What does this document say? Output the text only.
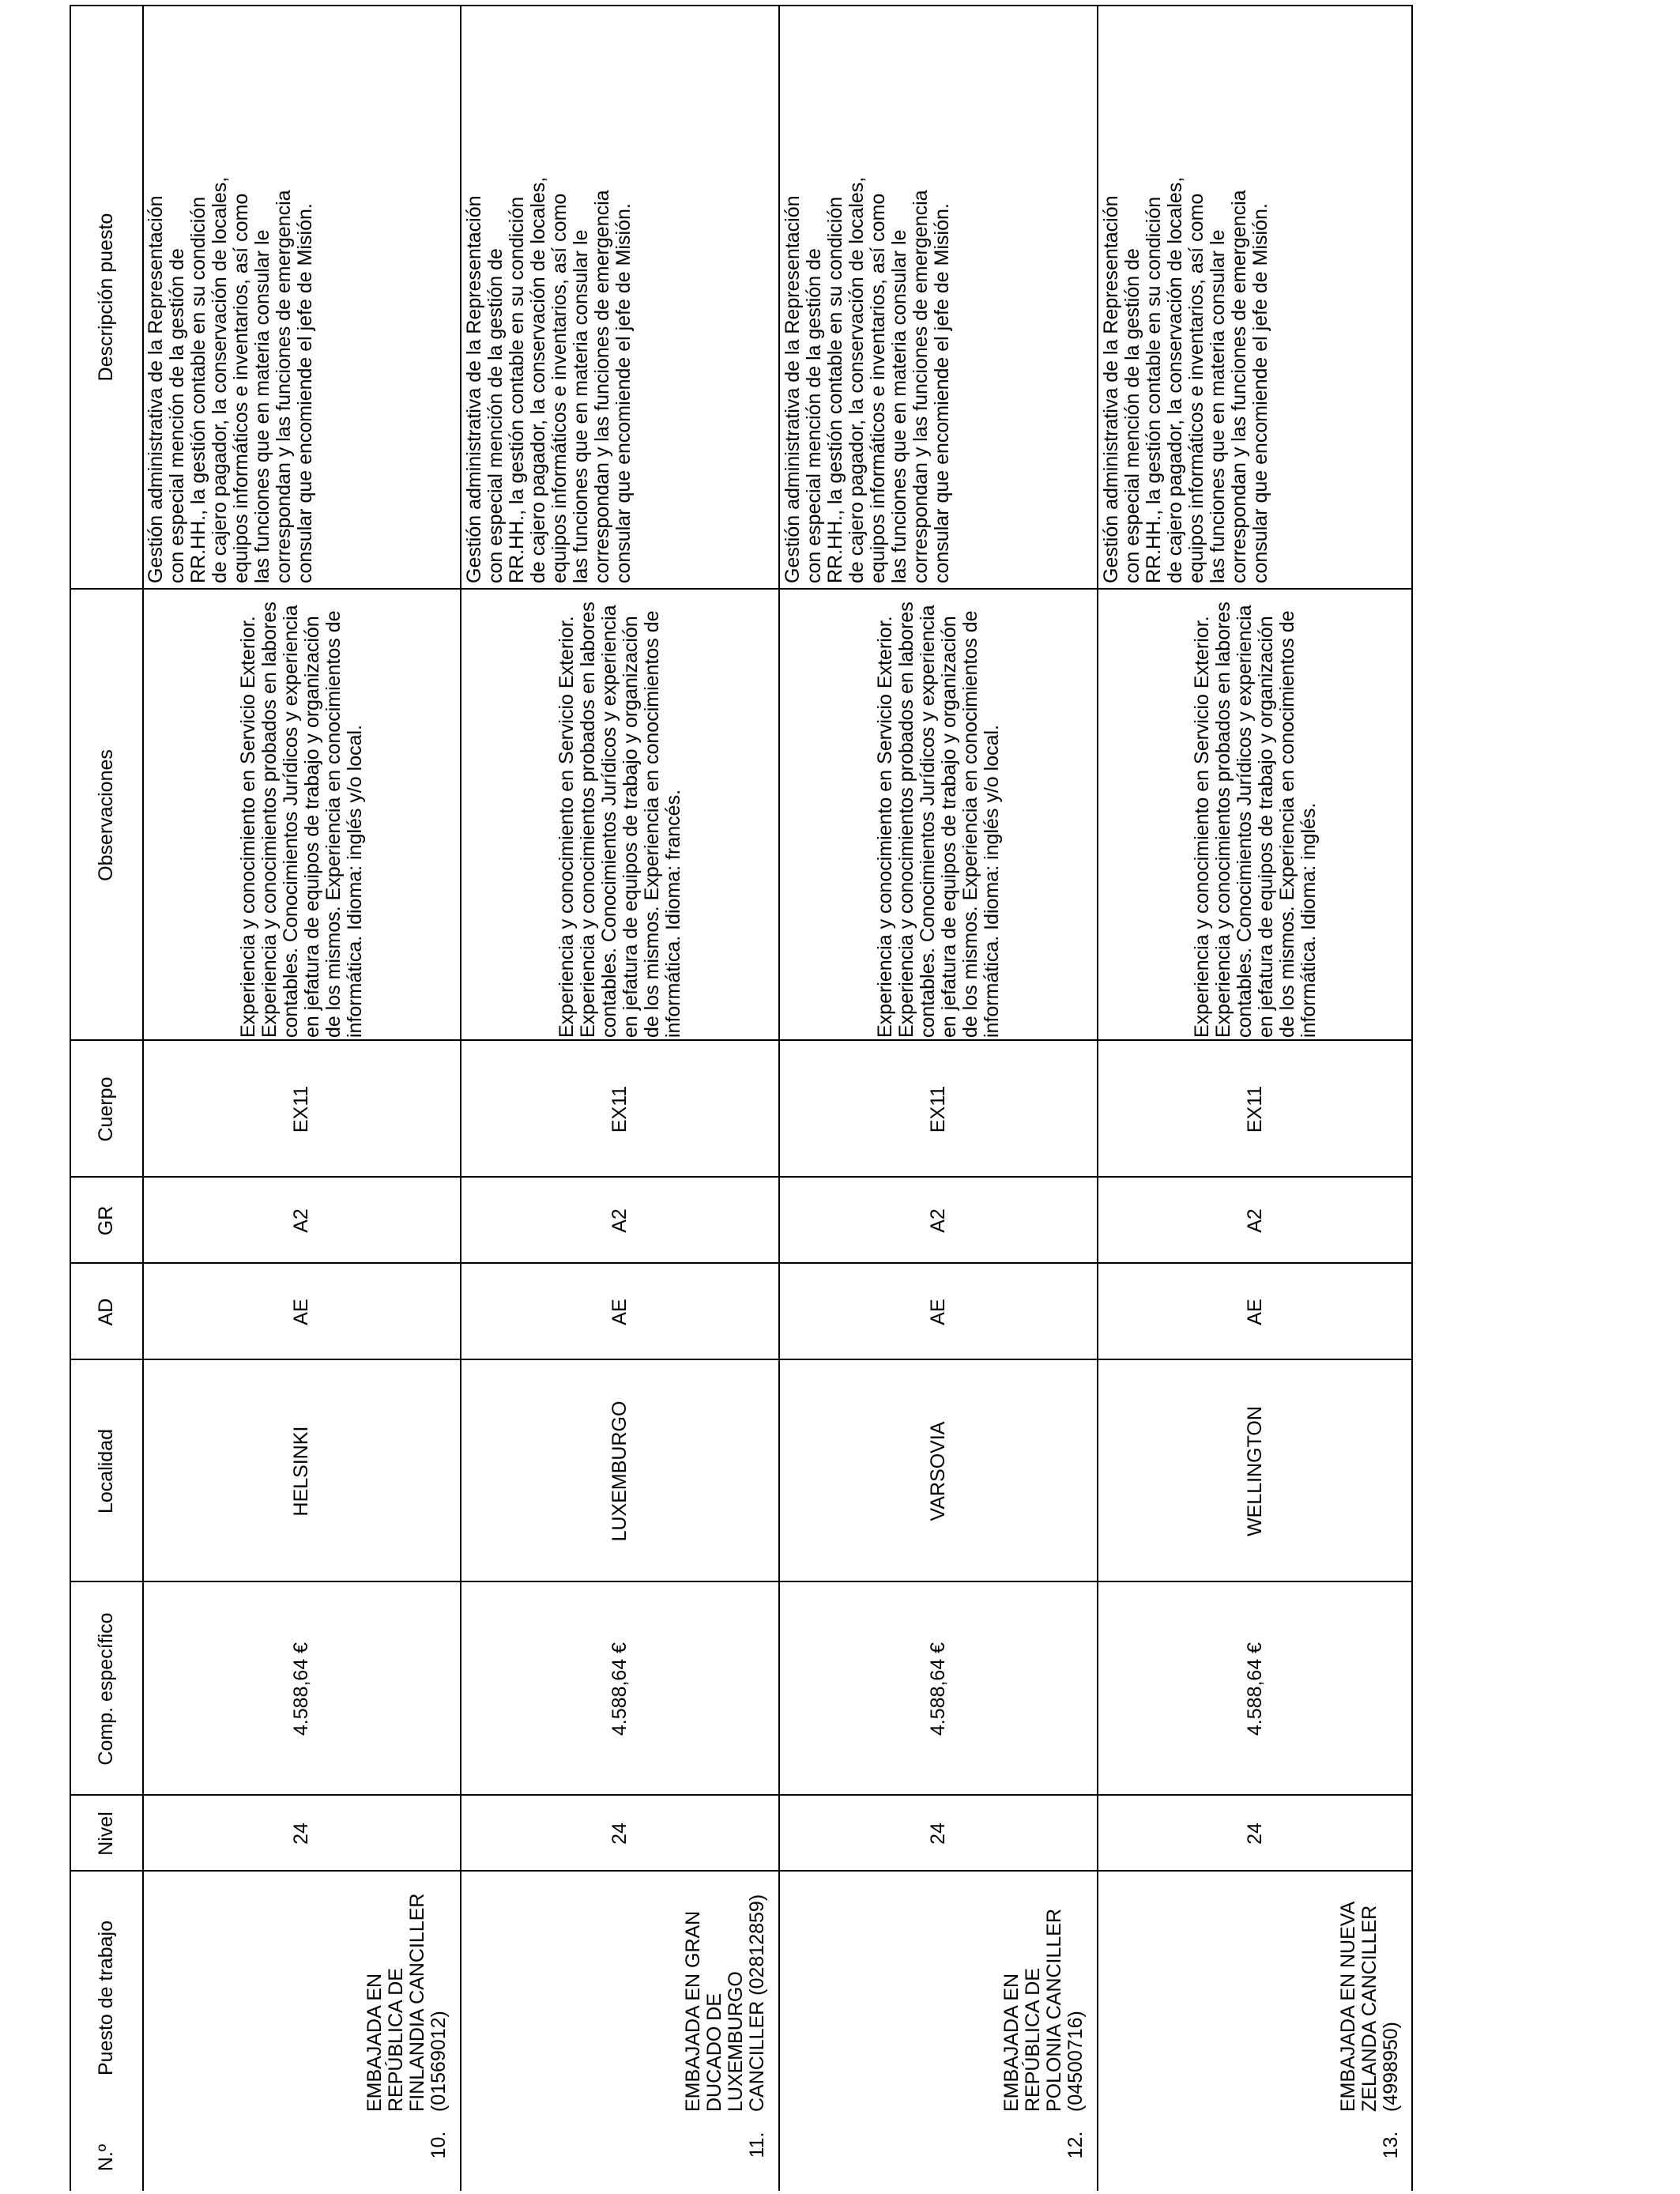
N.º
Puesto de trabajo
Nivel
Comp. específico
Localidad
AD
GR
Cuerpo
Observaciones
Descripción puesto
10.
EMBAJADA EN REPÚBLICA DE FINLANDIA CANCILLER (01569012)
24
4.588,64 €
HELSINKI
AE
A2
EX11
Experiencia y conocimiento en Servicio Exterior. Experiencia y conocimientos probados en labores contables. Conocimientos Jurídicos y experiencia en jefatura de equipos de trabajo y organización de los mismos. Experiencia en conocimientos de informática. Idioma: inglés y/o local.
Gestión administrativa de la Representación con especial mención de la gestión de RR.HH., la gestión contable en su condición de cajero pagador, la conservación de locales, equipos informáticos e inventarios, así como las funciones que en materia consular le correspondan y las funciones de emergencia consular que encomiende el jefe de Misión.
11.
EMBAJADA EN GRAN DUCADO DE LUXEMBURGO CANCILLER (02812859)
24
4.588,64 €
LUXEMBURGO
AE
A2
EX11
Experiencia y conocimiento en Servicio Exterior. Experiencia y conocimientos probados en labores contables. Conocimientos Jurídicos y experiencia en jefatura de equipos de trabajo y organización de los mismos. Experiencia en conocimientos de informática. Idioma: francés.
Gestión administrativa de la Representación con especial mención de la gestión de RR.HH., la gestión contable en su condición de cajero pagador, la conservación de locales, equipos informáticos e inventarios, así como las funciones que en materia consular le correspondan y las funciones de emergencia consular que encomiende el jefe de Misión.
12.
EMBAJADA EN REPÚBLICA DE POLONIA CANCILLER (04500716)
24
4.588,64 €
VARSOVIA
AE
A2
EX11
Experiencia y conocimiento en Servicio Exterior. Experiencia y conocimientos probados en labores contables. Conocimientos Jurídicos y experiencia en jefatura de equipos de trabajo y organización de los mismos. Experiencia en conocimientos de informática. Idioma: inglés y/o local.
Gestión administrativa de la Representación con especial mención de la gestión de RR.HH., la gestión contable en su condición de cajero pagador, la conservación de locales, equipos informáticos e inventarios, así como las funciones que en materia consular le correspondan y las funciones de emergencia consular que encomiende el jefe de Misión.
13.
EMBAJADA EN NUEVA ZELANDA CANCILLER (4998950)
24
4.588,64 €
WELLINGTON
AE
A2
EX11
Experiencia y conocimiento en Servicio Exterior. Experiencia y conocimientos probados en labores contables. Conocimientos Jurídicos y experiencia en jefatura de equipos de trabajo y organización de los mismos. Experiencia en conocimientos de informática. Idioma: inglés.
Gestión administrativa de la Representación con especial mención de la gestión de RR.HH., la gestión contable en su condición de cajero pagador, la conservación de locales, equipos informáticos e inventarios, así como las funciones que en materia consular le correspondan y las funciones de emergencia consular que encomiende el jefe de Misión.
